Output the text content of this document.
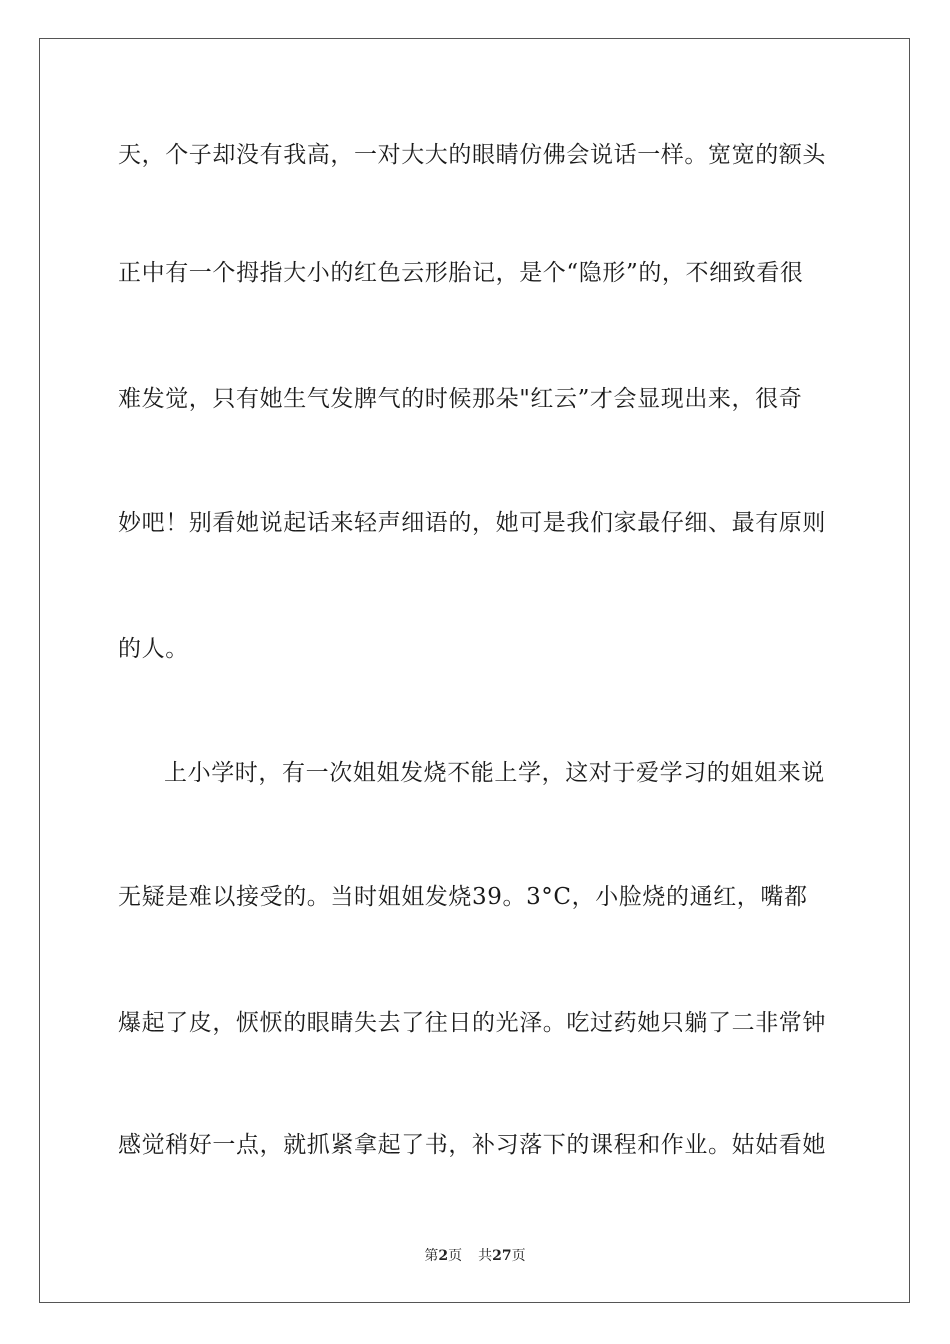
天，个子却没有我高，一对大大的眼睛仿佛会说话一样。宽宽的额头
正中有一个拇指大小的红色云形胎记，是个“隐形”的，不细致看很
难发觉，只有她生气发脾气的时候那朵"红云”才会显现出来，很奇
妙吧！别看她说起话来轻声细语的，她可是我们家最仔细、最有原则
的人。
上小学时，有一次姐姐发烧不能上学，这对于爱学习的姐姐来说
无疑是难以接受的。当时姐姐发烧39。3°C，小脸烧的通红，嘴都
爆起了皮，恹恹的眼睛失去了往日的光泽。吃过药她只躺了二非常钟
感觉稍好一点，就抓紧拿起了书，补习落下的课程和作业。姑姑看她
第2页 共27页
